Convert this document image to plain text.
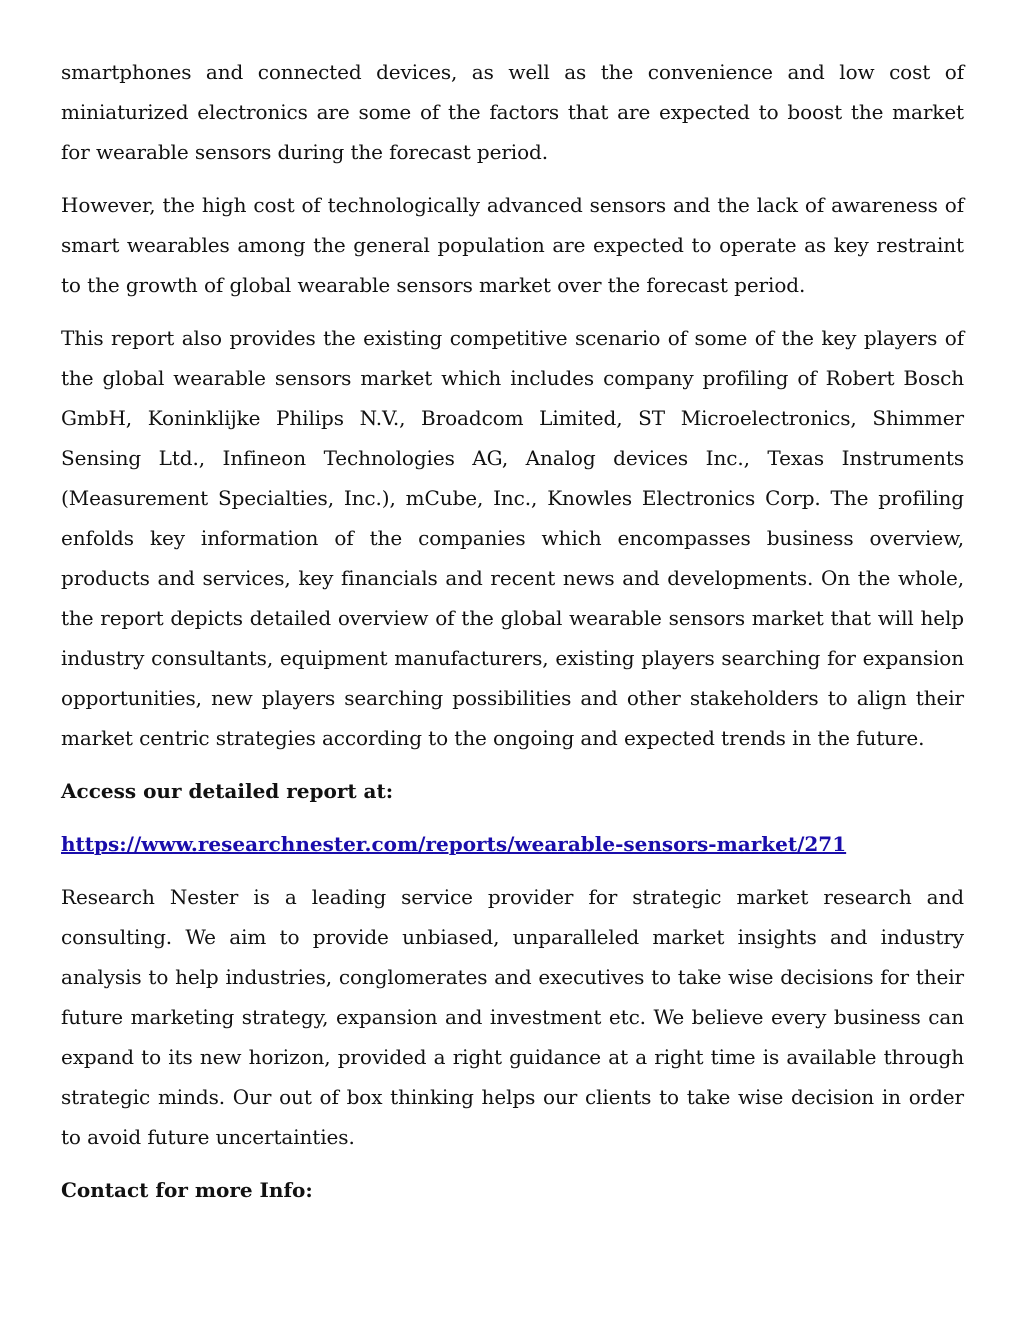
smartphones and connected devices, as well as the convenience and low cost of miniaturized electronics are some of the factors that are expected to boost the market for wearable sensors during the forecast period.

However, the high cost of technologically advanced sensors and the lack of awareness of smart wearables among the general population are expected to operate as key restraint to the growth of global wearable sensors market over the forecast period.

This report also provides the existing competitive scenario of some of the key players of the global wearable sensors market which includes company profiling of Robert Bosch GmbH, Koninklijke Philips N.V., Broadcom Limited, ST Microelectronics, Shimmer Sensing Ltd., Infineon Technologies AG, Analog devices Inc., Texas Instruments (Measurement Specialties, Inc.), mCube, Inc., Knowles Electronics Corp. The profiling enfolds key information of the companies which encompasses business overview, products and services, key financials and recent news and developments. On the whole, the report depicts detailed overview of the global wearable sensors market that will help industry consultants, equipment manufacturers, existing players searching for expansion opportunities, new players searching possibilities and other stakeholders to align their market centric strategies according to the ongoing and expected trends in the future.

Access our detailed report at:

https://www.researchnester.com/reports/wearable-sensors-market/271

Research Nester is a leading service provider for strategic market research and consulting. We aim to provide unbiased, unparalleled market insights and industry analysis to help industries, conglomerates and executives to take wise decisions for their future marketing strategy, expansion and investment etc. We believe every business can expand to its new horizon, provided a right guidance at a right time is available through strategic minds. Our out of box thinking helps our clients to take wise decision in order to avoid future uncertainties.

Contact for more Info:
